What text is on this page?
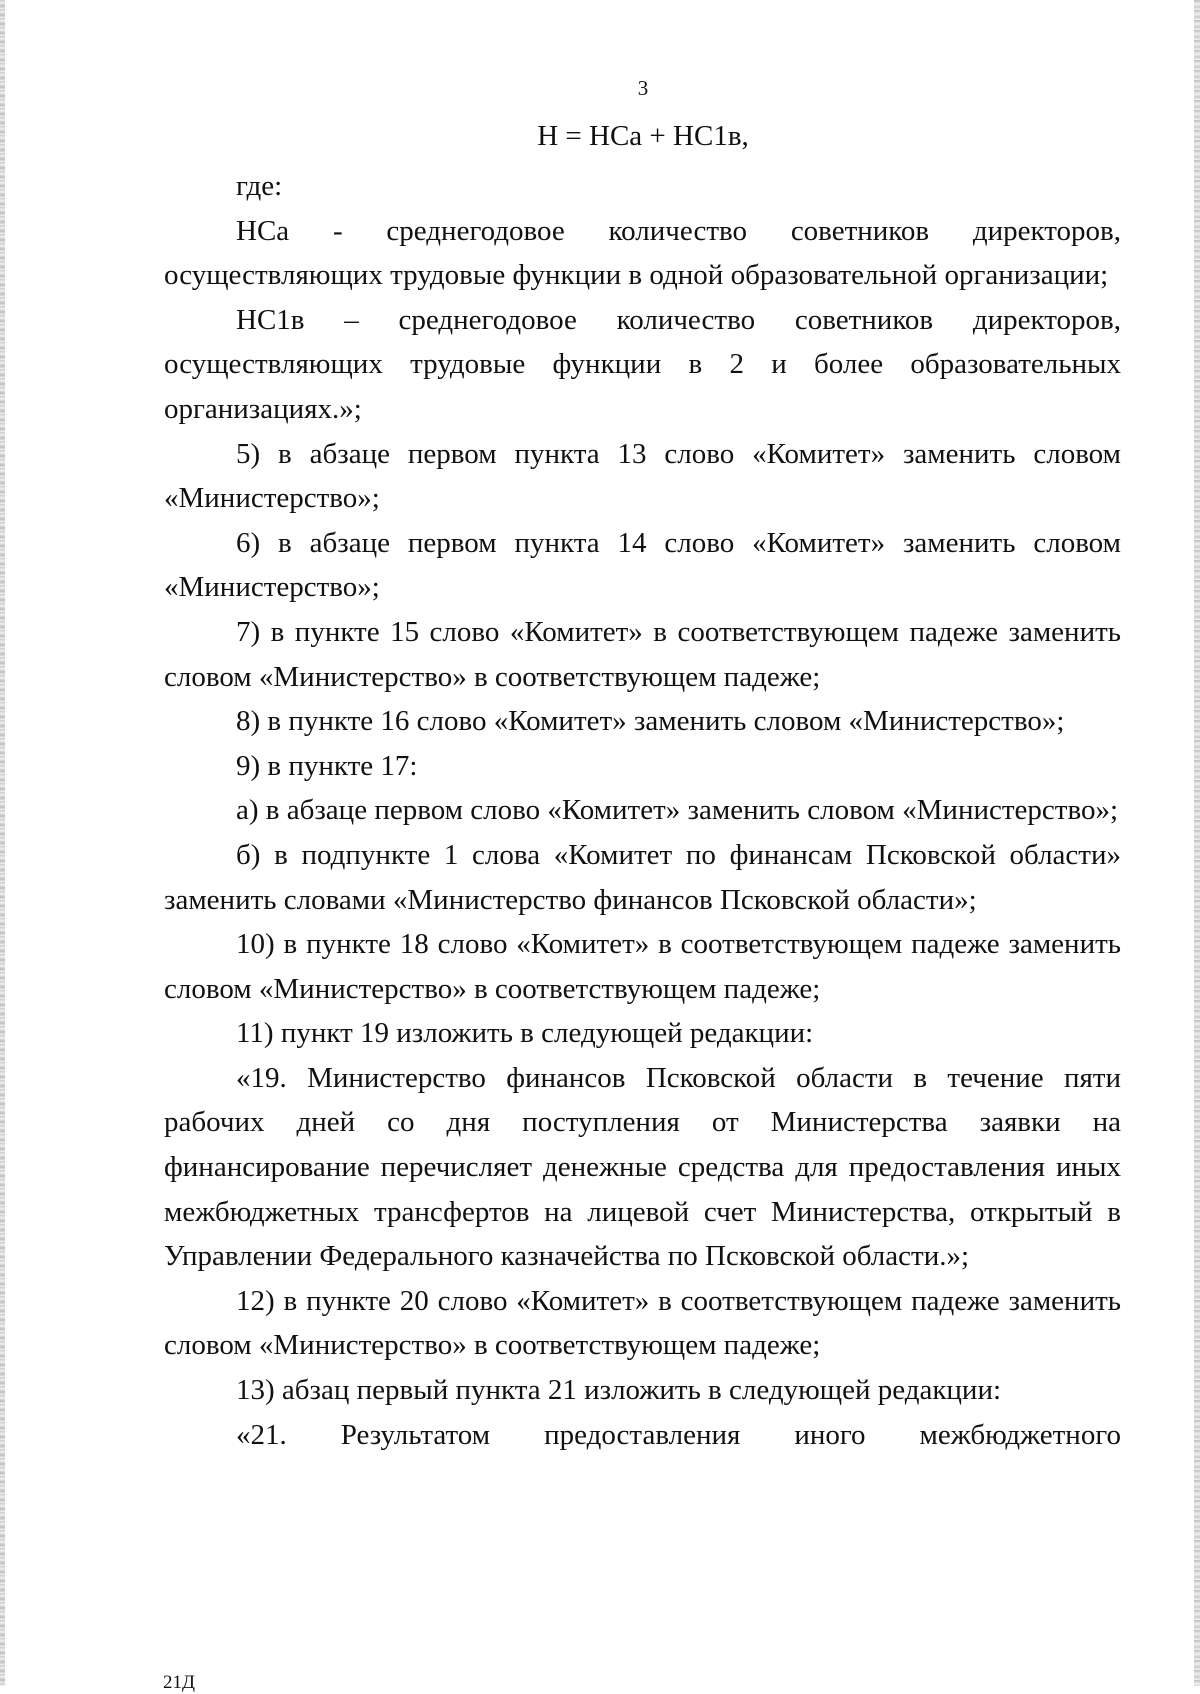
3
Н = НСа + НС1в,

где:

НСа - среднегодовое количество советников директоров, осуществляющих трудовые функции в одной образовательной организации;

НС1в – среднегодовое количество советников директоров, осуществляющих трудовые функции в 2 и более образовательных организациях.»;

5) в абзаце первом пункта 13 слово «Комитет» заменить словом «Министерство»;

6) в абзаце первом пункта 14 слово «Комитет» заменить словом «Министерство»;

7) в пункте 15 слово «Комитет» в соответствующем падеже заменить словом «Министерство» в соответствующем падеже;

8) в пункте 16 слово «Комитет» заменить словом «Министерство»;

9) в пункте 17:

а) в абзаце первом слово «Комитет» заменить словом «Министерство»;

б) в подпункте 1 слова «Комитет по финансам Псковской области» заменить словами «Министерство финансов Псковской области»;

10) в пункте 18 слово «Комитет» в соответствующем падеже заменить словом «Министерство» в соответствующем падеже;

11) пункт 19 изложить в следующей редакции:

«19. Министерство финансов Псковской области в течение пяти рабочих дней со дня поступления от Министерства заявки на финансирование перечисляет денежные средства для предоставления иных межбюджетных трансфертов на лицевой счет Министерства, открытый в Управлении Федерального казначейства по Псковской области.»;

12) в пункте 20 слово «Комитет» в соответствующем падеже заменить словом «Министерство» в соответствующем падеже;

13) абзац первый пункта 21 изложить в следующей редакции:

«21. Результатом предоставления иного межбюджетного

21Д
